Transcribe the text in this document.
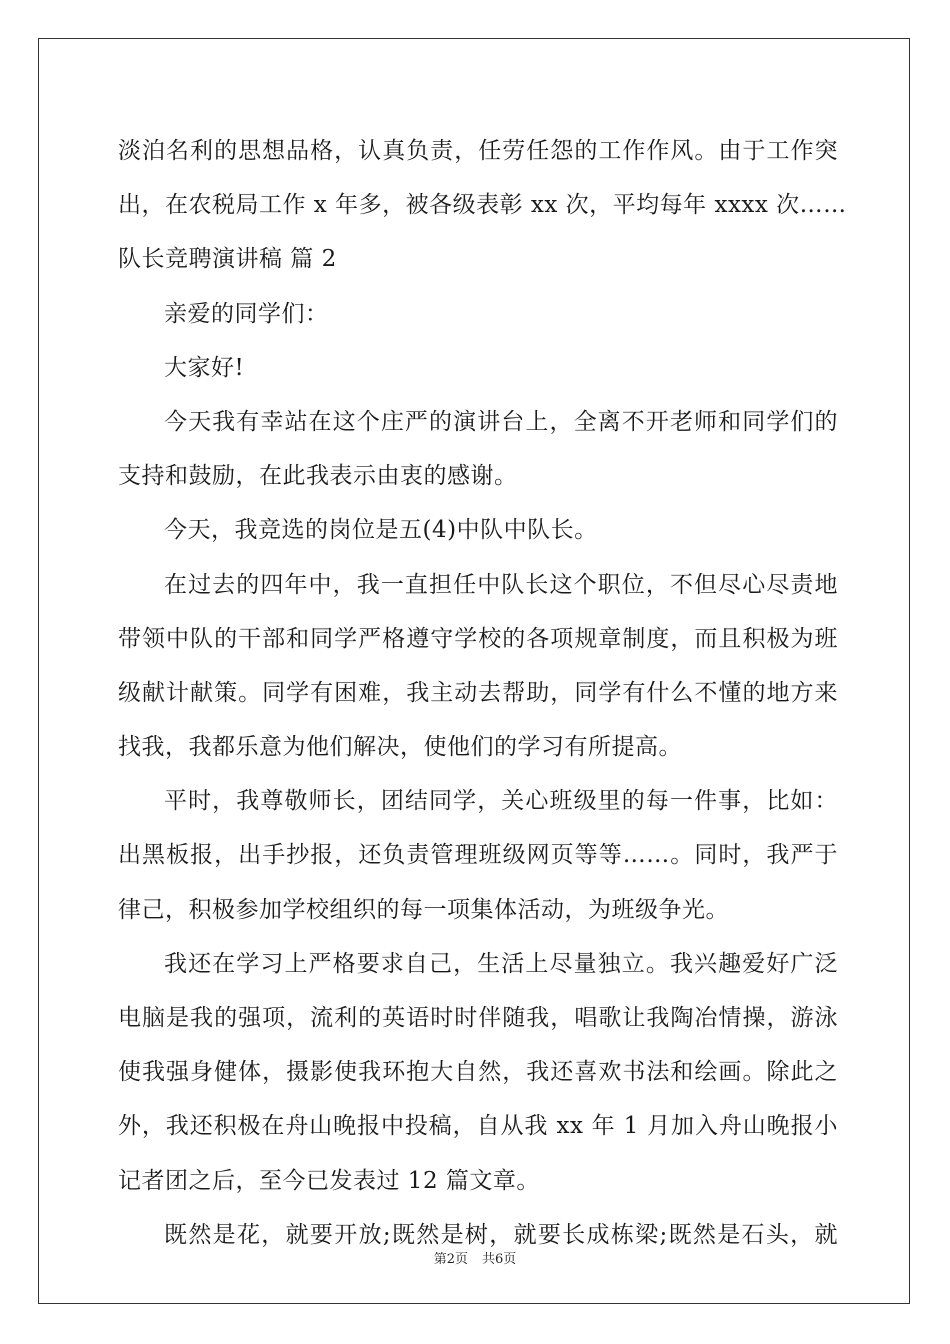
淡泊名利的思想品格，认真负责，任劳任怨的工作作风。由于工作突
出，在农税局工作 x 年多，被各级表彰 xx 次，平均每年 xxxx 次……
队长竞聘演讲稿 篇 2
亲爱的同学们：
大家好!
今天我有幸站在这个庄严的演讲台上，全离不开老师和同学们的
支持和鼓励，在此我表示由衷的感谢。
今天，我竞选的岗位是五(4)中队中队长。
在过去的四年中，我一直担任中队长这个职位，不但尽心尽责地
带领中队的干部和同学严格遵守学校的各项规章制度，而且积极为班
级献计献策。同学有困难，我主动去帮助，同学有什么不懂的地方来
找我，我都乐意为他们解决，使他们的学习有所提高。
平时，我尊敬师长，团结同学，关心班级里的每一件事，比如：
出黑板报，出手抄报，还负责管理班级网页等等……。同时，我严于
律己，积极参加学校组织的每一项集体活动，为班级争光。
我还在学习上严格要求自己，生活上尽量独立。我兴趣爱好广泛
电脑是我的强项，流利的英语时时伴随我，唱歌让我陶冶情操，游泳
使我强身健体，摄影使我环抱大自然，我还喜欢书法和绘画。除此之
外，我还积极在舟山晚报中投稿，自从我 xx 年 1 月加入舟山晚报小
记者团之后，至今已发表过 12 篇文章。
既然是花，就要开放;既然是树，就要长成栋梁;既然是石头，就
第2页 共6页
